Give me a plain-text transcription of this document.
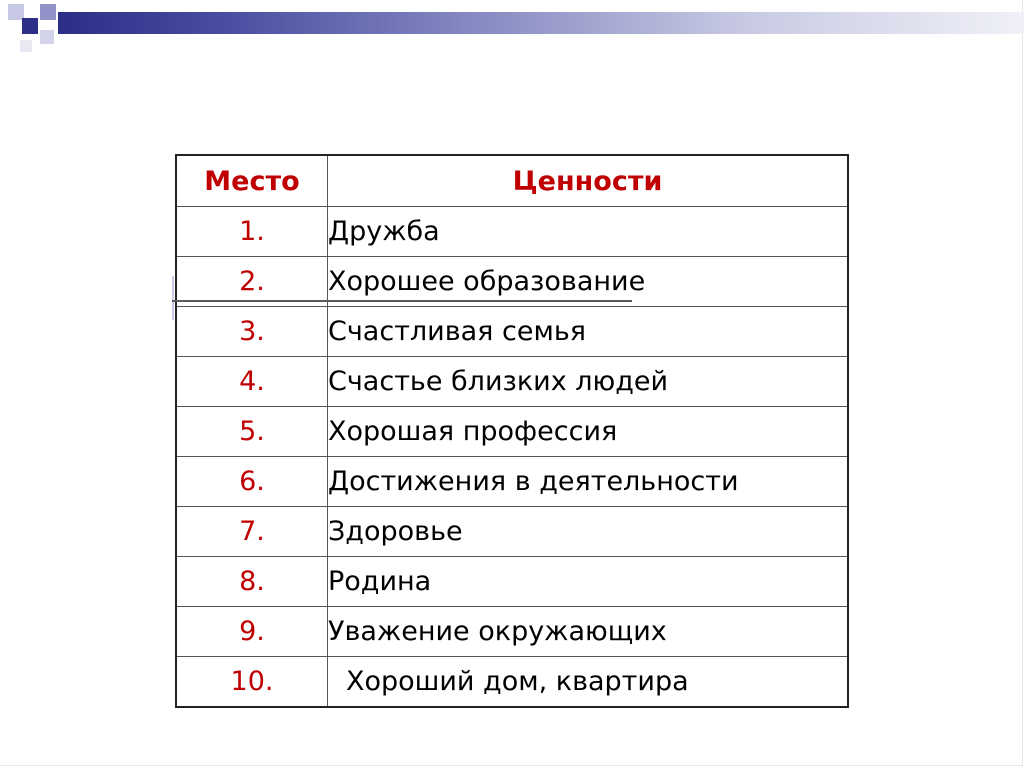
Место	Ценности
1.	Дружба
2.	Хорошее образование
3.	Счастливая семья
4.	Счастье близких людей
5.	Хорошая профессия
6.	Достижения в деятельности
7.	Здоровье
8.	Родина
9.	Уважение окружающих
10.	Хороший дом, квартира
